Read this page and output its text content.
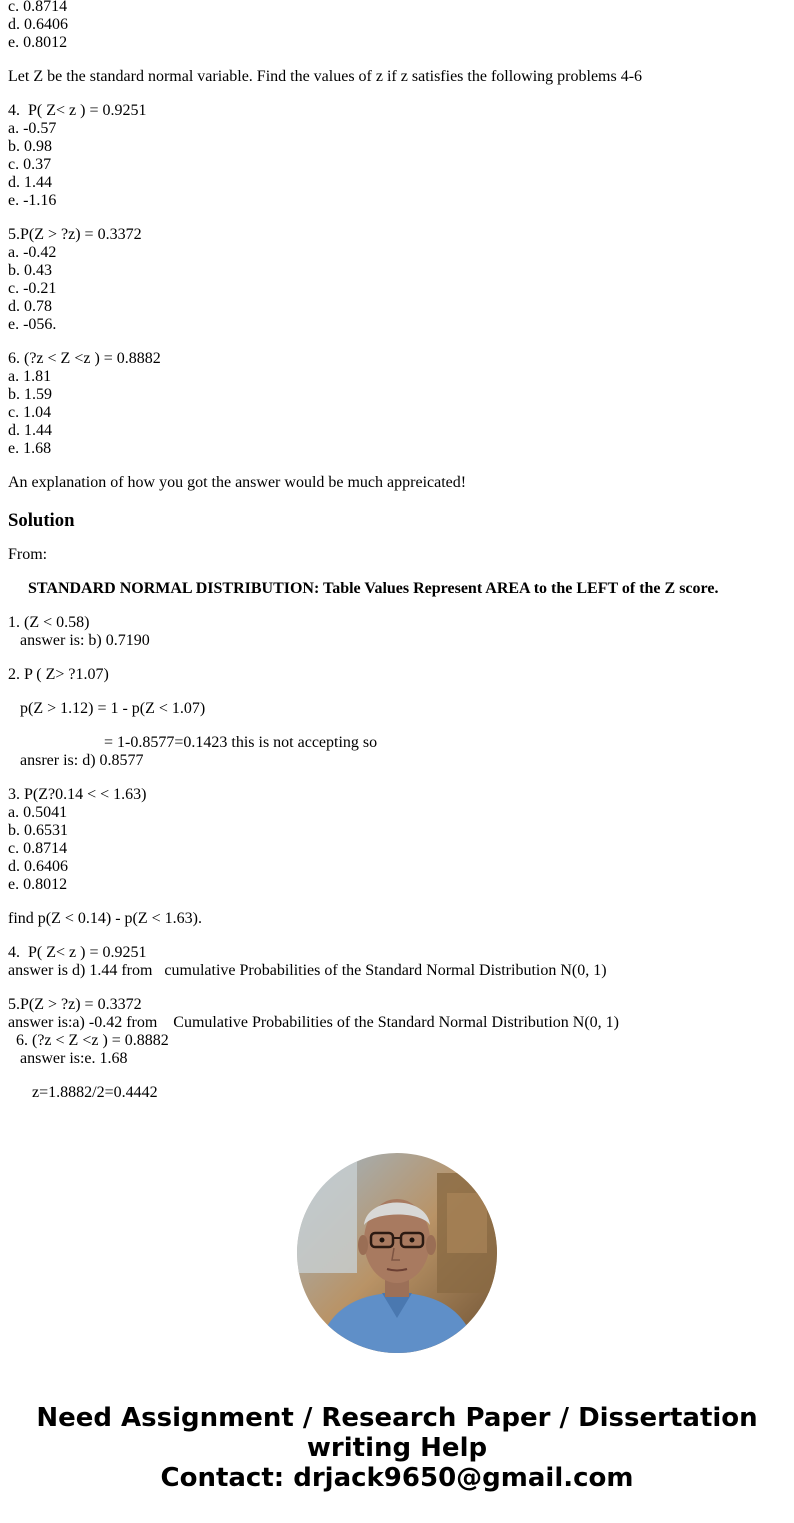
c. 0.8714
d. 0.6406
e. 0.8012
Let Z be the standard normal variable. Find the values of z if z satisfies the following problems 4-6
4.  P( Z< z ) = 0.9251
a. -0.57
b. 0.98
c. 0.37
d. 1.44
e. -1.16
5.P(Z > ?z) = 0.3372
a. -0.42
b. 0.43
c. -0.21
d. 0.78
e. -056.
6. (?z < Z <z ) = 0.8882
a. 1.81
b. 1.59
c. 1.04
d. 1.44
e. 1.68
An explanation of how you got the answer would be much appreicated!
Solution
From:
STANDARD NORMAL DISTRIBUTION: Table Values Represent AREA to the LEFT of the Z score.
1. (Z < 0.58)
answer is: b) 0.7190
2. P ( Z> ?1.07)
p(Z > 1.12) = 1 - p(Z < 1.07)
= 1-0.8577=0.1423 this is not accepting so
ansrer is: d) 0.8577
3. P(Z?0.14 < < 1.63)
a. 0.5041
b. 0.6531
c. 0.8714
d. 0.6406
e. 0.8012
find p(Z < 0.14) - p(Z < 1.63).
4.  P( Z< z ) = 0.9251
answer is d) 1.44 from   cumulative Probabilities of the Standard Normal Distribution N(0, 1)
5.P(Z > ?z) = 0.3372
answer is:a) -0.42 from    Cumulative Probabilities of the Standard Normal Distribution N(0, 1)
6. (?z < Z <z ) = 0.8882
answer is:e. 1.68
z=1.8882/2=0.4442
Need Assignment / Research Paper / Dissertation
writing Help
Contact: drjack9650@gmail.com
